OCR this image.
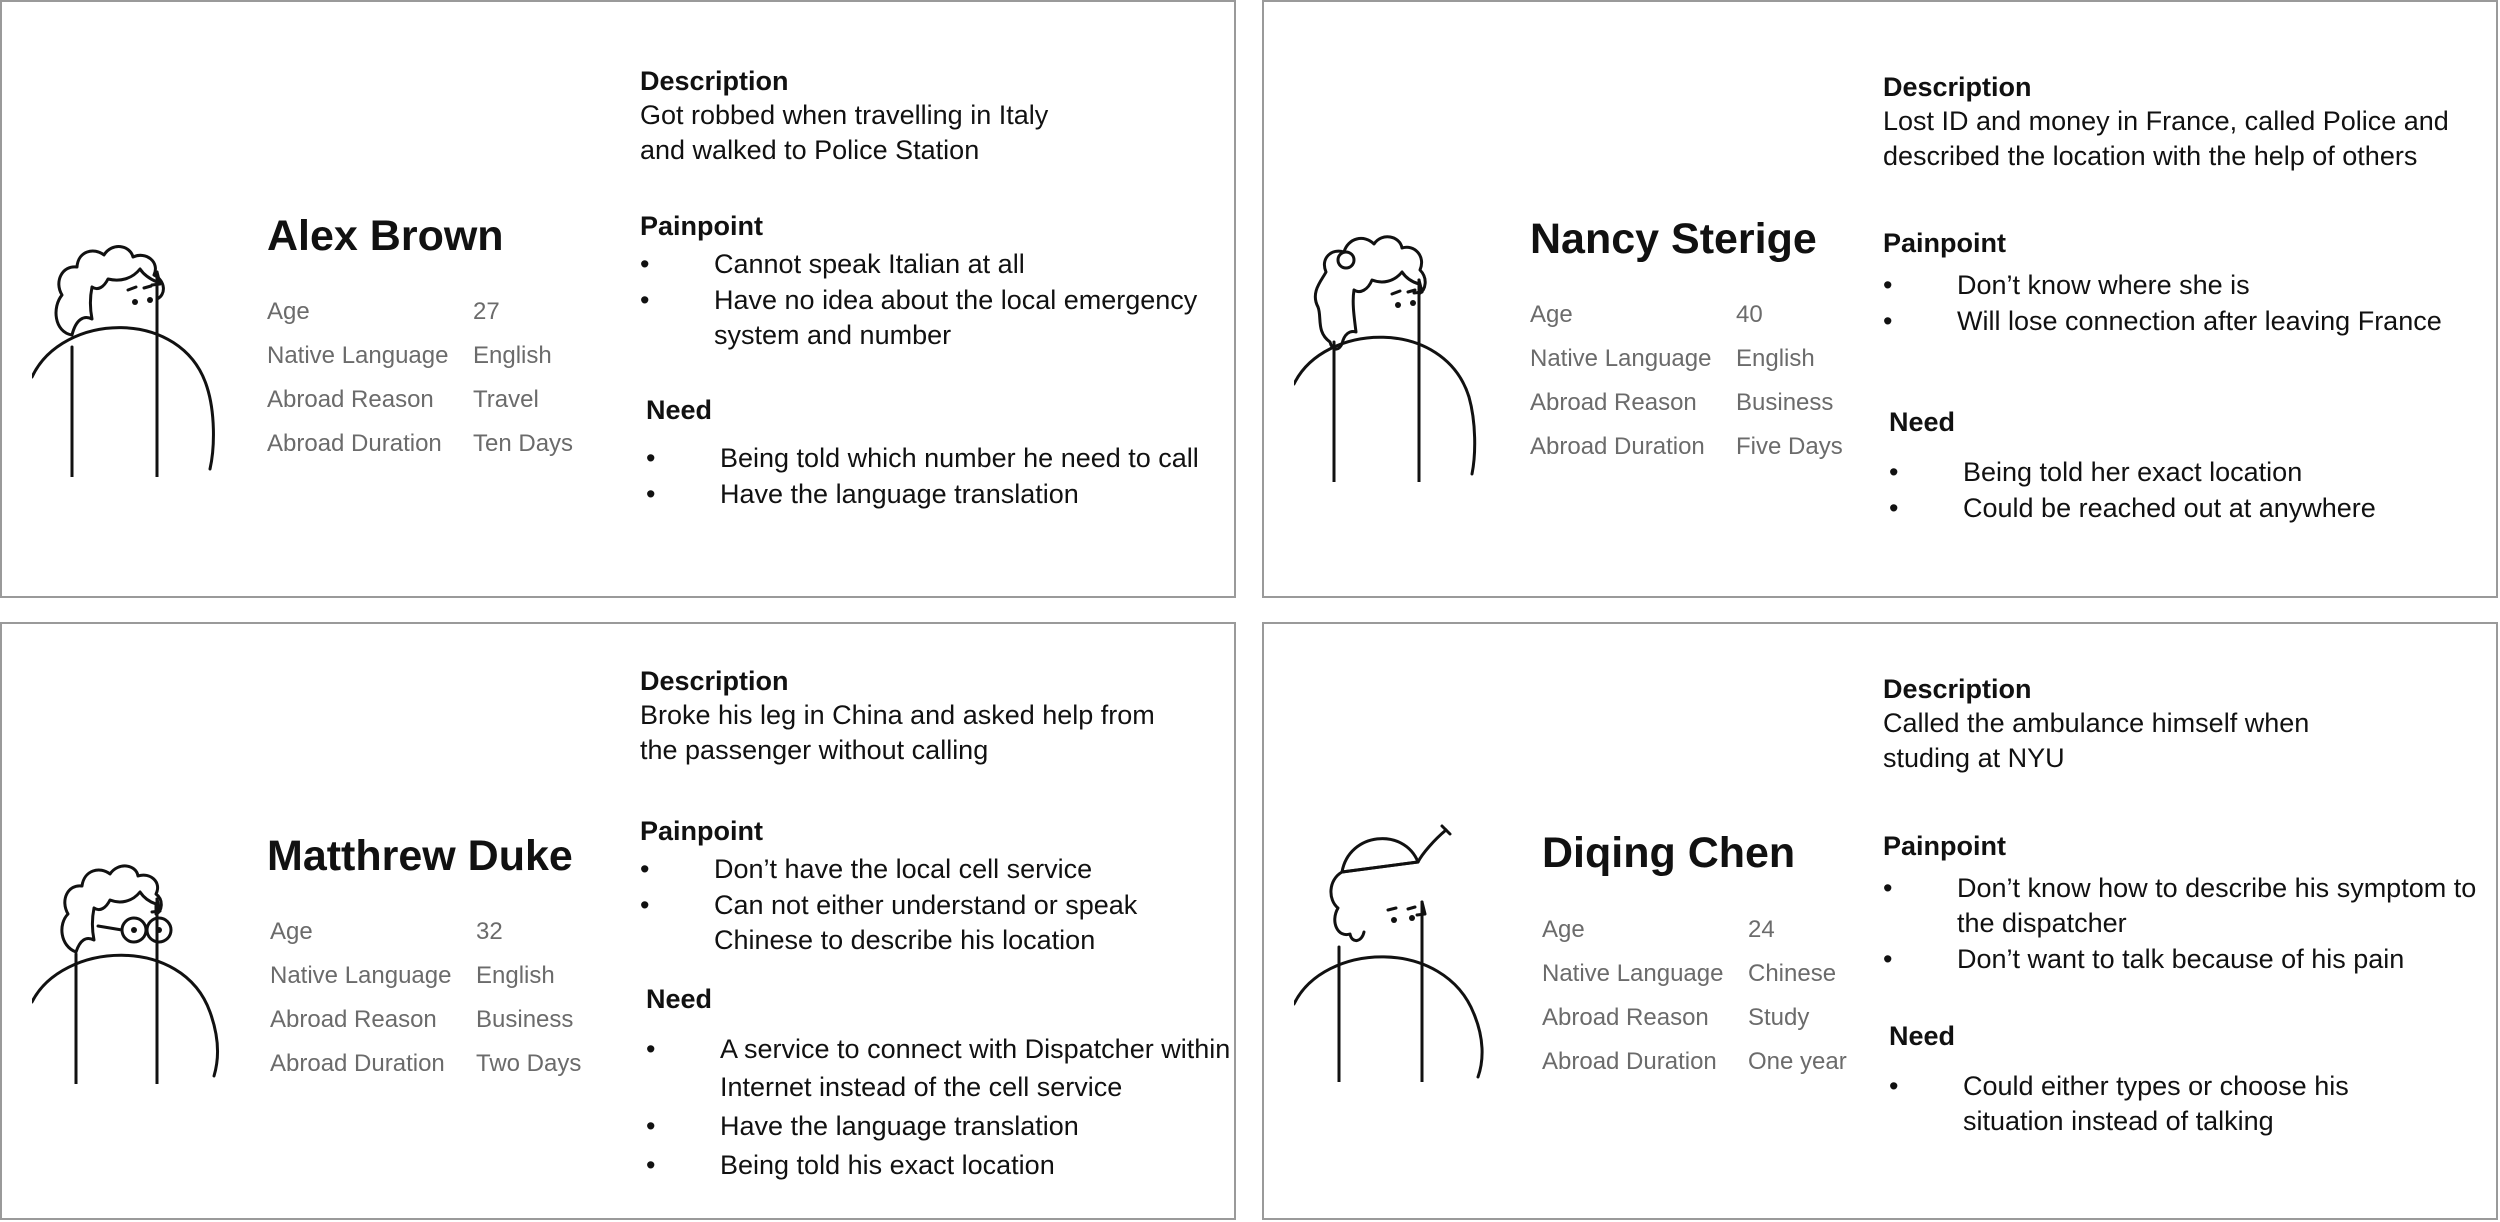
Alex Brown
Age	27
Native Language English
Abroad Reason Travel
Abroad Duration Ten Days
Description
Got robbed when travelling in Italy
and walked to Police Station
Painpoint
• Cannot speak Italian at all
• Have no idea about the local emergency system and number
Need
• Being told which number he need to call
• Have the language translation
Nancy Sterige
Age	40
Native Language English
Abroad Reason Business
Abroad Duration Five Days
Description
Lost ID and money in France, called Police and
described the location with the help of others
Painpoint
• Don’t know where she is
• Will lose connection after leaving France
Need
• Being told her exact location
• Could be reached out at anywhere
Matthrew Duke
Age	32
Native Language English
Abroad Reason Business
Abroad Duration Two Days
Description
Broke his leg in China and asked help from
the passenger without calling
Painpoint
• Don’t have the local cell service
• Can not either understand or speak Chinese to describe his location
Need
• A service to connect with Dispatcher within Internet instead of the cell service
• Have the language translation
• Being told his exact location
Diqing Chen
Age	24
Native Language Chinese
Abroad Reason Study
Abroad Duration One year
Description
Called the ambulance himself when
studing at NYU
Painpoint
• Don’t know how to describe his symptom to the dispatcher
• Don’t want to talk because of his pain
Need
• Could either types or choose his situation instead of talking
